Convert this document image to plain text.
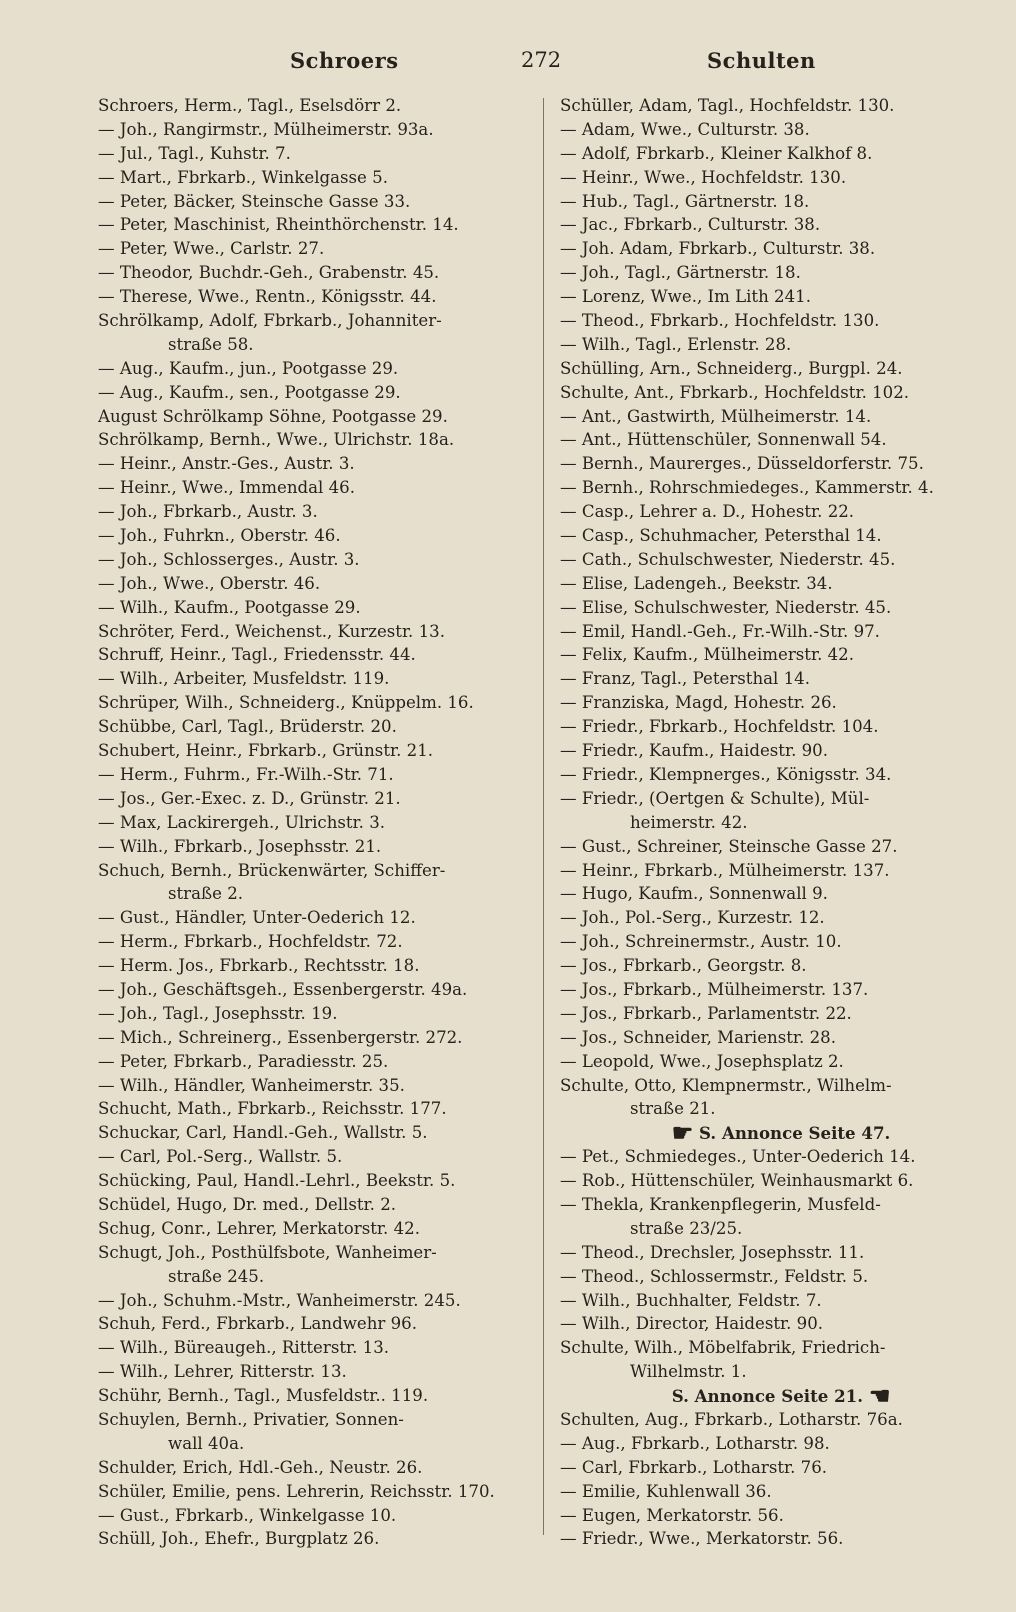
Schroers	272	Schulten
Schroers, Herm., Tagl., Eselsdörr 2.
— Joh., Rangirmstr., Mülheimerstr. 93a.
— Jul., Tagl., Kuhstr. 7.
— Mart., Fbrkarb., Winkelgasse 5.
— Peter, Bäcker, Steinsche Gasse 33.
— Peter, Maschinist, Rheinthörchenstr. 14.
— Peter, Wwe., Carlstr. 27.
— Theodor, Buchdr.-Geh., Grabenstr. 45.
— Therese, Wwe., Rentn., Königsstr. 44.
Schrölkamp, Adolf, Fbrkarb., Johanniter-
straße 58.
— Aug., Kaufm., jun., Pootgasse 29.
— Aug., Kaufm., sen., Pootgasse 29.
August Schrölkamp Söhne, Pootgasse 29.
Schrölkamp, Bernh., Wwe., Ulrichstr. 18a.
— Heinr., Anstr.-Ges., Austr. 3.
— Heinr., Wwe., Immendal 46.
— Joh., Fbrkarb., Austr. 3.
— Joh., Fuhrkn., Oberstr. 46.
— Joh., Schlosserges., Austr. 3.
— Joh., Wwe., Oberstr. 46.
— Wilh., Kaufm., Pootgasse 29.
Schröter, Ferd., Weichenst., Kurzestr. 13.
Schruff, Heinr., Tagl., Friedensstr. 44.
— Wilh., Arbeiter, Musfeldstr. 119.
Schrüper, Wilh., Schneiderg., Knüppelm. 16.
Schübbe, Carl, Tagl., Brüderstr. 20.
Schubert, Heinr., Fbrkarb., Grünstr. 21.
— Herm., Fuhrm., Fr.-Wilh.-Str. 71.
— Jos., Ger.-Exec. z. D., Grünstr. 21.
— Max, Lackirergeh., Ulrichstr. 3.
— Wilh., Fbrkarb., Josephsstr. 21.
Schuch, Bernh., Brückenwärter, Schiffer-
straße 2.
— Gust., Händler, Unter-Oederich 12.
— Herm., Fbrkarb., Hochfeldstr. 72.
— Herm. Jos., Fbrkarb., Rechtsstr. 18.
— Joh., Geschäftsgeh., Essenbergerstr. 49a.
— Joh., Tagl., Josephsstr. 19.
— Mich., Schreinerg., Essenbergerstr. 272.
— Peter, Fbrkarb., Paradiesstr. 25.
— Wilh., Händler, Wanheimerstr. 35.
Schucht, Math., Fbrkarb., Reichsstr. 177.
Schuckar, Carl, Handl.-Geh., Wallstr. 5.
— Carl, Pol.-Serg., Wallstr. 5.
Schücking, Paul, Handl.-Lehrl., Beekstr. 5.
Schüdel, Hugo, Dr. med., Dellstr. 2.
Schug, Conr., Lehrer, Merkatorstr. 42.
Schugt, Joh., Posthülfsbote, Wanheimer-
straße 245.
— Joh., Schuhm.-Mstr., Wanheimerstr. 245.
Schuh, Ferd., Fbrkarb., Landwehr 96.
— Wilh., Büreaugeh., Ritterstr. 13.
— Wilh., Lehrer, Ritterstr. 13.
Schühr, Bernh., Tagl., Musfeldstr.. 119.
Schuylen, Bernh., Privatier, Sonnen-
wall 40a.
Schulder, Erich, Hdl.-Geh., Neustr. 26.
Schüler, Emilie, pens. Lehrerin, Reichsstr. 170.
— Gust., Fbrkarb., Winkelgasse 10.
Schüll, Joh., Ehefr., Burgplatz 26.
Schüller, Adam, Tagl., Hochfeldstr. 130.
— Adam, Wwe., Culturstr. 38.
— Adolf, Fbrkarb., Kleiner Kalkhof 8.
— Heinr., Wwe., Hochfeldstr. 130.
— Hub., Tagl., Gärtnerstr. 18.
— Jac., Fbrkarb., Culturstr. 38.
— Joh. Adam, Fbrkarb., Culturstr. 38.
— Joh., Tagl., Gärtnerstr. 18.
— Lorenz, Wwe., Im Lith 241.
— Theod., Fbrkarb., Hochfeldstr. 130.
— Wilh., Tagl., Erlenstr. 28.
Schülling, Arn., Schneiderg., Burgpl. 24.
Schulte, Ant., Fbrkarb., Hochfeldstr. 102.
— Ant., Gastwirth, Mülheimerstr. 14.
— Ant., Hüttenschüler, Sonnenwall 54.
— Bernh., Maurerges., Düsseldorferstr. 75.
— Bernh., Rohrschmiedeges., Kammerstr. 4.
— Casp., Lehrer a. D., Hohestr. 22.
— Casp., Schuhmacher, Petersthal 14.
— Cath., Schulschwester, Niederstr. 45.
— Elise, Ladengeh., Beekstr. 34.
— Elise, Schulschwester, Niederstr. 45.
— Emil, Handl.-Geh., Fr.-Wilh.-Str. 97.
— Felix, Kaufm., Mülheimerstr. 42.
— Franz, Tagl., Petersthal 14.
— Franziska, Magd, Hohestr. 26.
— Friedr., Fbrkarb., Hochfeldstr. 104.
— Friedr., Kaufm., Haidestr. 90.
— Friedr., Klempnerges., Königsstr. 34.
— Friedr., (Oertgen & Schulte), Mül-
heimerstr. 42.
— Gust., Schreiner, Steinsche Gasse 27.
— Heinr., Fbrkarb., Mülheimerstr. 137.
— Hugo, Kaufm., Sonnenwall 9.
— Joh., Pol.-Serg., Kurzestr. 12.
— Joh., Schreinermstr., Austr. 10.
— Jos., Fbrkarb., Georgstr. 8.
— Jos., Fbrkarb., Mülheimerstr. 137.
— Jos., Fbrkarb., Parlamentstr. 22.
— Jos., Schneider, Marienstr. 28.
— Leopold, Wwe., Josephsplatz 2.
Schulte, Otto, Klempnermstr., Wilhelm-
straße 21.
☛ S. Annonce Seite 47.
— Pet., Schmiedeges., Unter-Oederich 14.
— Rob., Hüttenschüler, Weinhausmarkt 6.
— Thekla, Krankenpflegerin, Musfeld-
straße 23/25.
— Theod., Drechsler, Josephsstr. 11.
— Theod., Schlossermstr., Feldstr. 5.
— Wilh., Buchhalter, Feldstr. 7.
— Wilh., Director, Haidestr. 90.
Schulte, Wilh., Möbelfabrik, Friedrich-
Wilhelmstr. 1.
S. Annonce Seite 21. ☛
Schulten, Aug., Fbrkarb., Lotharstr. 76a.
— Aug., Fbrkarb., Lotharstr. 98.
— Carl, Fbrkarb., Lotharstr. 76.
— Emilie, Kuhlenwall 36.
— Eugen, Merkatorstr. 56.
— Friedr., Wwe., Merkatorstr. 56.
